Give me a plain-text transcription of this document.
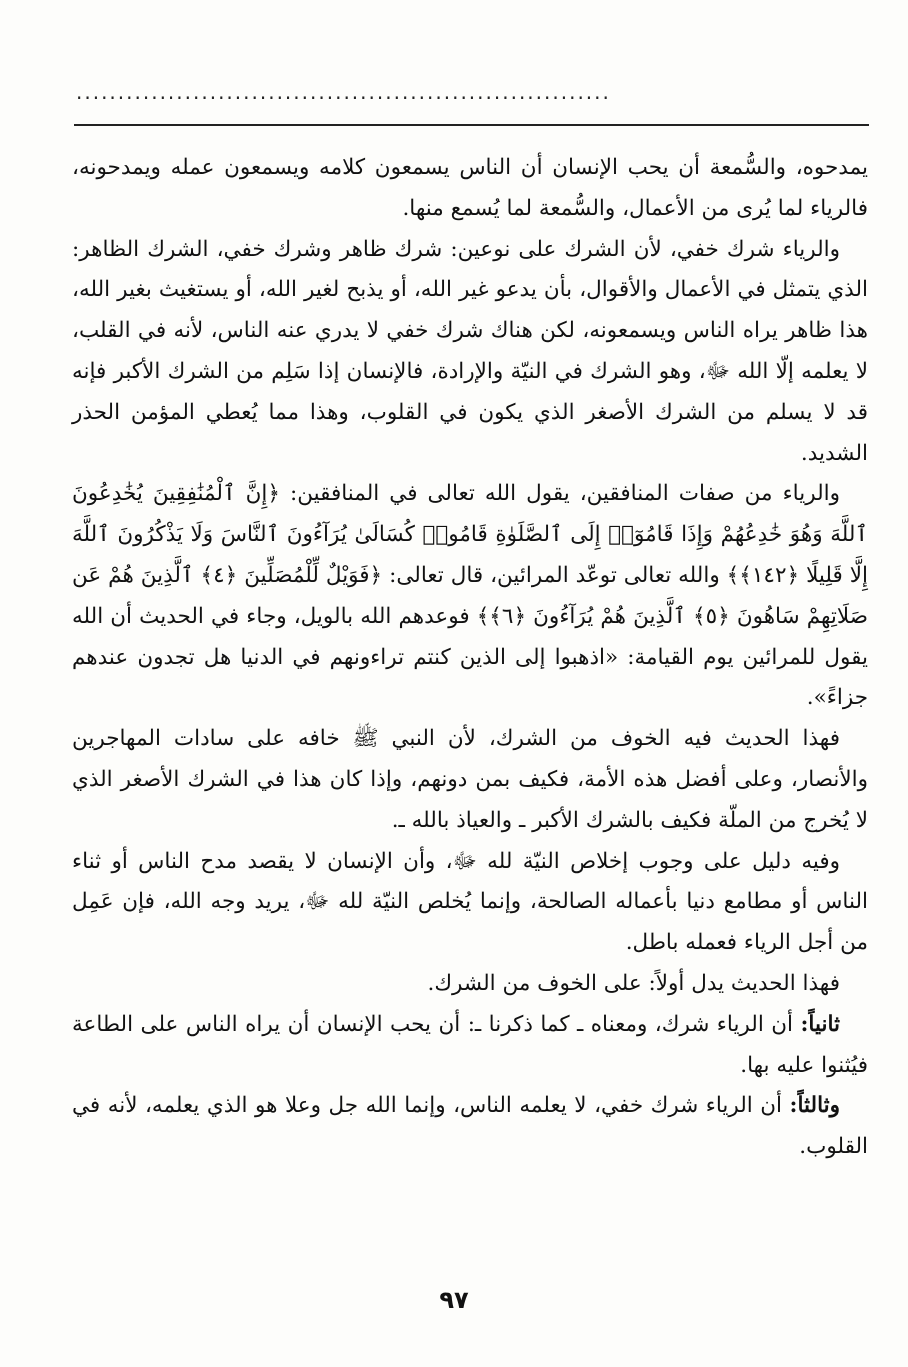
................................................................

يمدحوه، والسُّمعة أن يحب الإنسان أن الناس يسمعون كلامه ويسمعون عمله ويمدحونه، فالرياء لما يُرى من الأعمال، والسُّمعة لما يُسمع منها.

والرياء شرك خفي، لأن الشرك على نوعين: شرك ظاهر وشرك خفي، الشرك الظاهر: الذي يتمثل في الأعمال والأقوال، بأن يدعو غير الله، أو يذبح لغير الله، أو يستغيث بغير الله، هذا ظاهر يراه الناس ويسمعونه، لكن هناك شرك خفي لا يدري عنه الناس، لأنه في القلب، لا يعلمه إلّا الله ﷻ، وهو الشرك في النيّة والإرادة، فالإنسان إذا سَلِم من الشرك الأكبر فإنه قد لا يسلم من الشرك الأصغر الذي يكون في القلوب، وهذا مما يُعطي المؤمن الحذر الشديد.

والرياء من صفات المنافقين، يقول الله تعالى في المنافقين: ﴿إِنَّ ٱلْمُنَٰفِقِينَ يُخَٰدِعُونَ ٱللَّهَ وَهُوَ خَٰدِعُهُمْ وَإِذَا قَامُوٓا۟ إِلَى ٱلصَّلَوٰةِ قَامُوا۟ كُسَالَىٰ يُرَآءُونَ ٱلنَّاسَ وَلَا يَذْكُرُونَ ٱللَّهَ إِلَّا قَلِيلًا ﴿١٤٢﴾﴾ والله تعالى توعّد المرائين، قال تعالى: ﴿فَوَيْلٌ لِّلْمُصَلِّينَ ﴿٤﴾ ٱلَّذِينَ هُمْ عَن صَلَاتِهِمْ سَاهُونَ ﴿٥﴾ ٱلَّذِينَ هُمْ يُرَآءُونَ ﴿٦﴾﴾ فوعدهم الله بالويل، وجاء في الحديث أن الله يقول للمرائين يوم القيامة: «اذهبوا إلى الذين كنتم تراءونهم في الدنيا هل تجدون عندهم جزاءً».

فهذا الحديث فيه الخوف من الشرك، لأن النبي ﷺ خافه على سادات المهاجرين والأنصار، وعلى أفضل هذه الأمة، فكيف بمن دونهم، وإذا كان هذا في الشرك الأصغر الذي لا يُخرج من الملّة فكيف بالشرك الأكبر ـ والعياذ بالله ـ.

وفيه دليل على وجوب إخلاص النيّة لله ﷻ، وأن الإنسان لا يقصد مدح الناس أو ثناء الناس أو مطامع دنيا بأعماله الصالحة، وإنما يُخلص النيّة لله ﷻ، يريد وجه الله، فإن عَمِل من أجل الرياء فعمله باطل.

فهذا الحديث يدل أولاً: على الخوف من الشرك.

ثانياً: أن الرياء شرك، ومعناه ـ كما ذكرنا ـ: أن يحب الإنسان أن يراه الناس على الطاعة فيُثنوا عليه بها.

وثالثاً: أن الرياء شرك خفي، لا يعلمه الناس، وإنما الله جل وعلا هو الذي يعلمه، لأنه في القلوب.

٩٧
